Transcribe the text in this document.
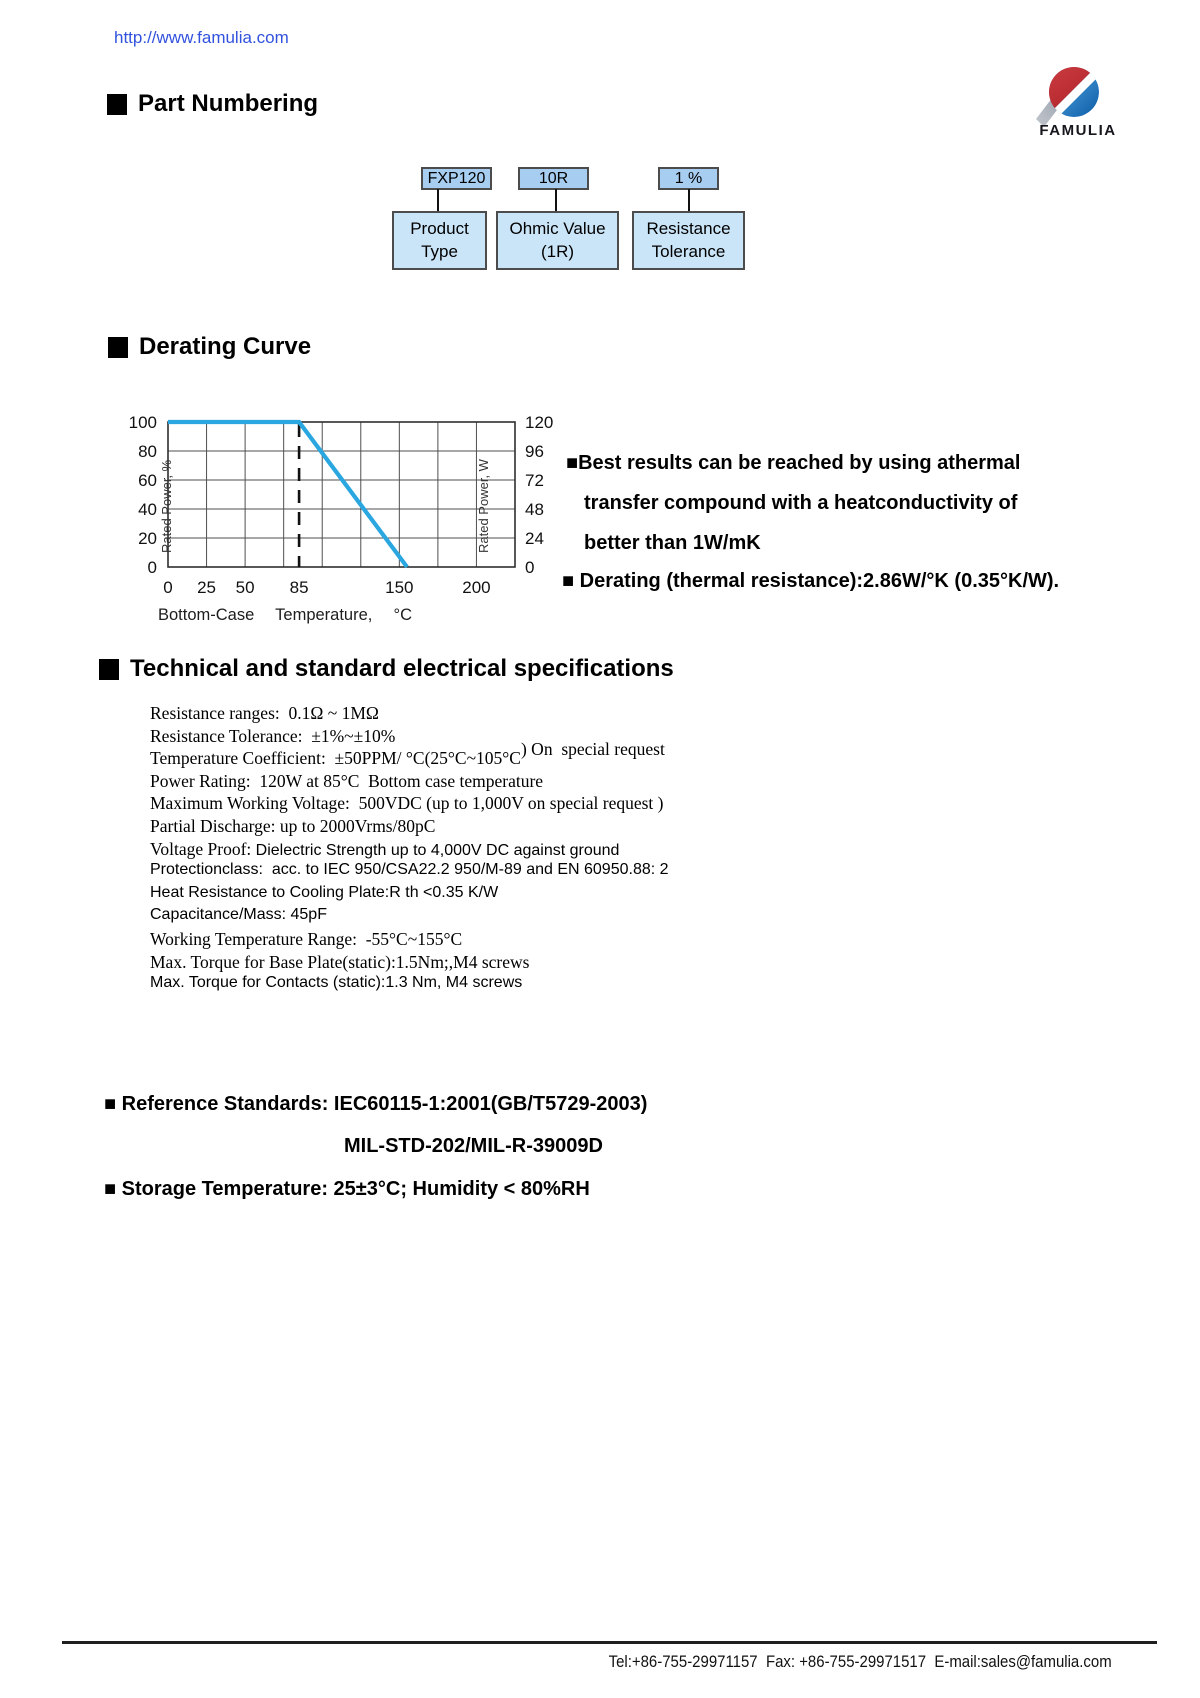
http://www.famulia.com
FAMULIA
Part Numbering
FXP120	10R	1 %
Product
Type
Ohmic Value
(1R)
Resistance
Tolerance
Derating Curve
0
20
40
60
80
100
0
24
48
72
96
120
0 25 50 85	150	200
Rated Power, %	Rated Power, W
Bottom-Case  Temperature,  °C
■Best results can be reached by using athermal
transfer compound with a heatconductivity of
better than 1W/mK
■ Derating (thermal resistance):2.86W/°K (0.35°K/W).
Technical and standard electrical specifications
Resistance ranges:  0.1Ω ~ 1MΩ
Resistance Tolerance:  ±1%~±10%
Temperature Coefficient:  ±50PPM/ °C(25°C~105°C) On  special request
Power Rating:  120W at 85°C  Bottom case temperature
Maximum Working Voltage:  500VDC (up to 1,000V on special request )
Partial Discharge: up to 2000Vrms/80pC
Voltage Proof: Dielectric Strength up to 4,000V DC against ground
Protectionclass:  acc. to IEC 950/CSA22.2 950/M-89 and EN 60950.88: 2
Heat Resistance to Cooling Plate:R th <0.35 K/W
Capacitance/Mass: 45pF
Working Temperature Range:  -55°C~155°C
Max. Torque for Base Plate(static):1.5Nm;,M4 screws
Max. Torque for Contacts (static):1.3 Nm, M4 screws
■ Reference Standards: IEC60115-1:2001(GB/T5729-2003)
MIL-STD-202/MIL-R-39009D
■ Storage Temperature: 25±3°C; Humidity < 80%RH
Tel:+86-755-29971157  Fax: +86-755-29971517  E-mail:sales@famulia.com
